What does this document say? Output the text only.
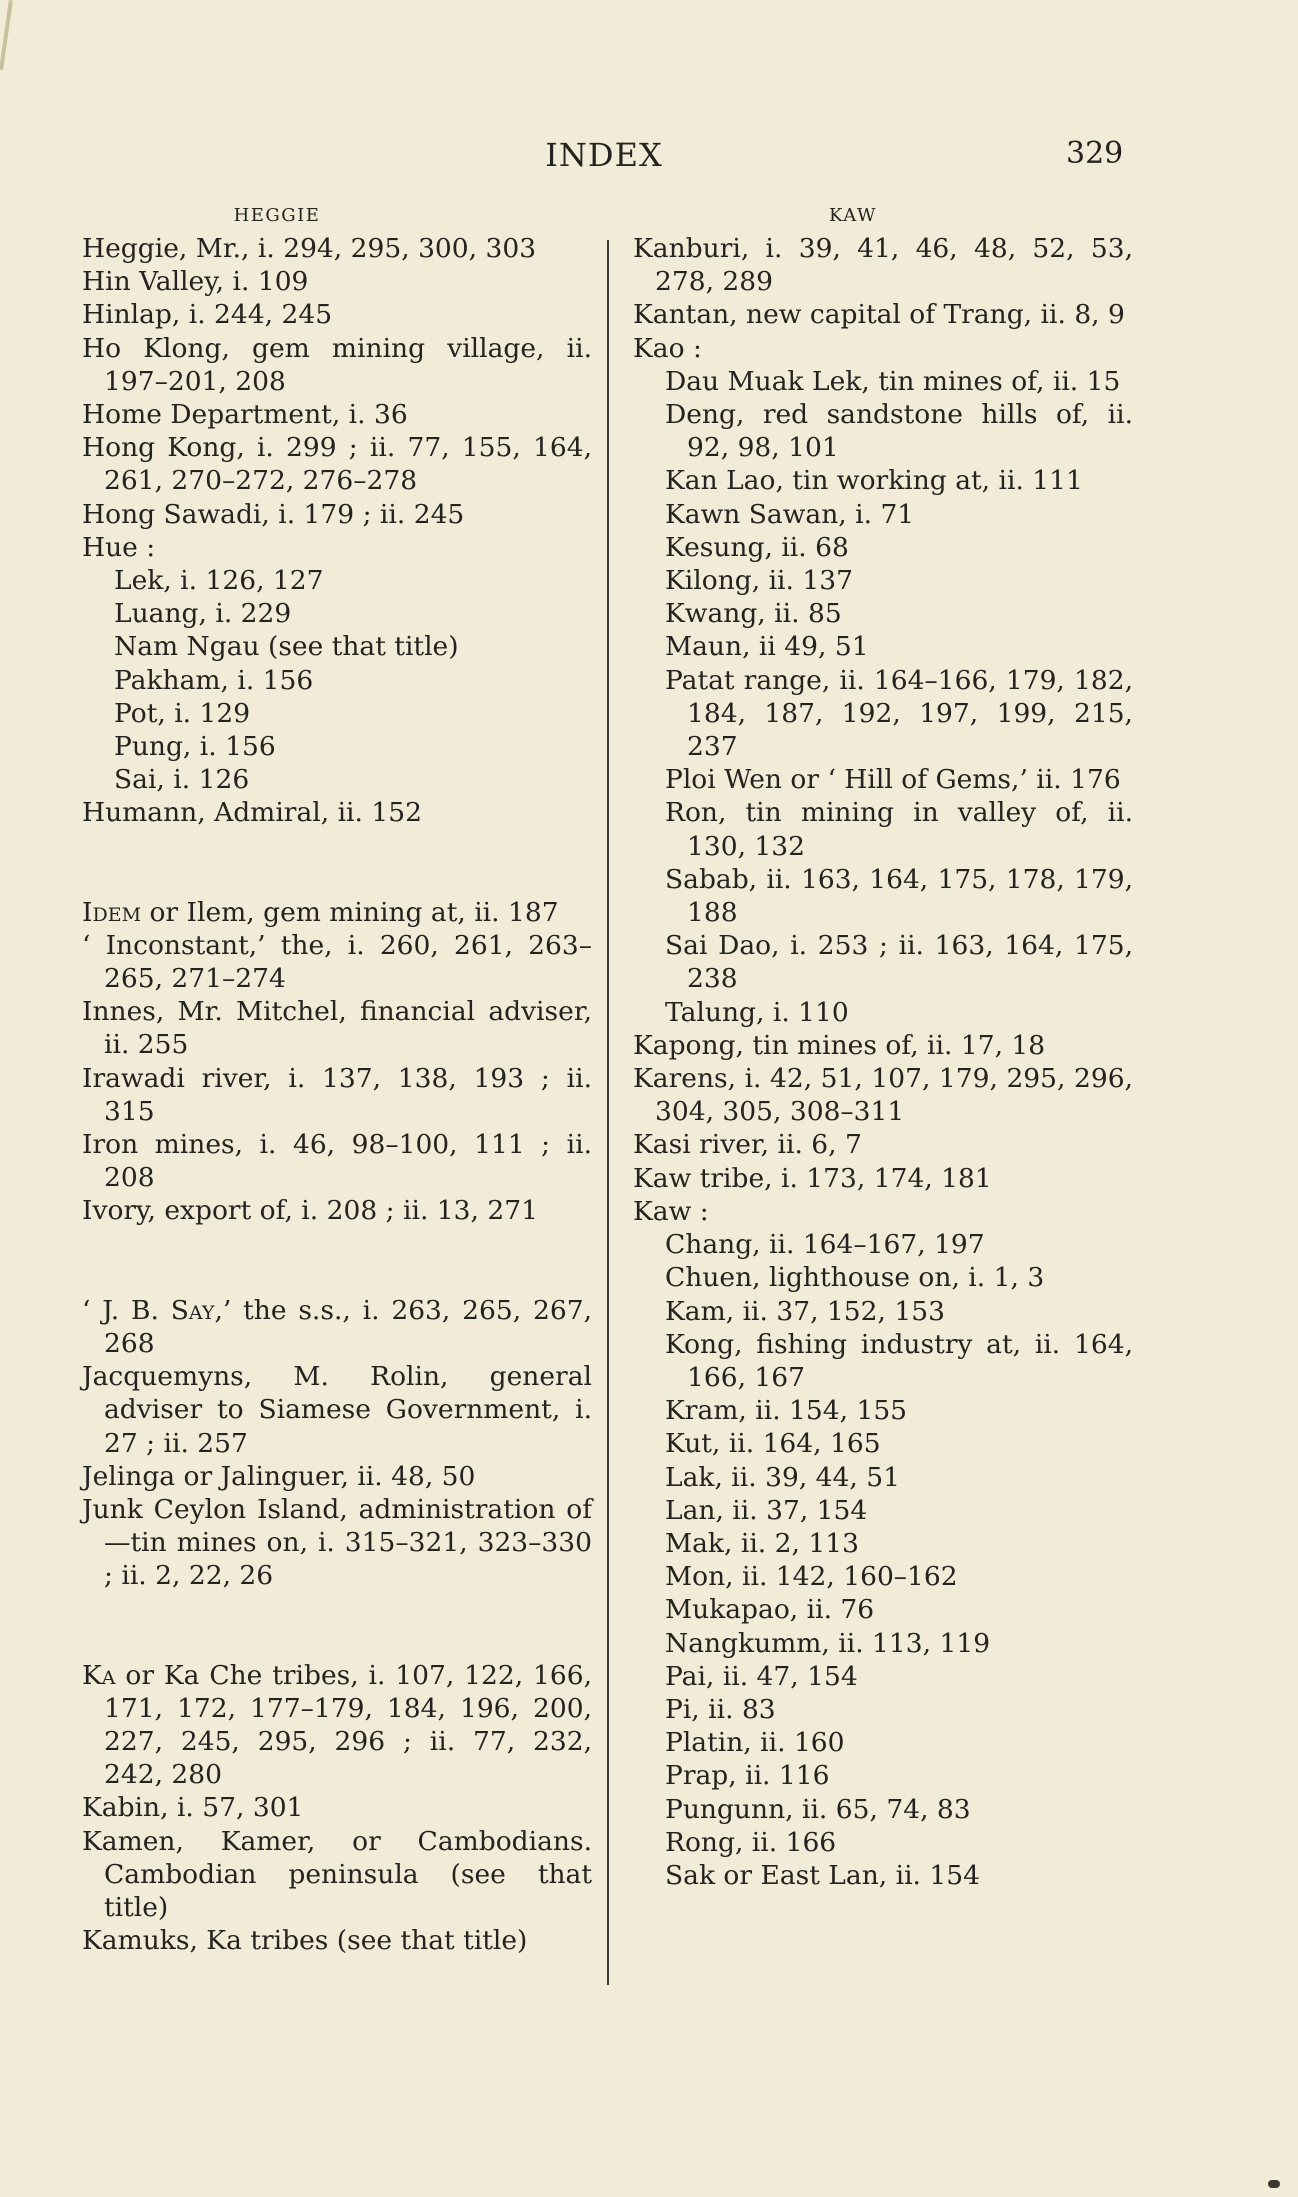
INDEX	329
HEGGIE
Heggie, Mr., i. 294, 295, 300, 303
Hin Valley, i. 109
Hinlap, i. 244, 245
Ho Klong, gem mining village, ii. 197–201, 208
Home Department, i. 36
Hong Kong, i. 299 ; ii. 77, 155, 164, 261, 270–272, 276–278
Hong Sawadi, i. 179 ; ii. 245
Hue :
Lek, i. 126, 127
Luang, i. 229
Nam Ngau (see that title)
Pakham, i. 156
Pot, i. 129
Pung, i. 156
Sai, i. 126
Humann, Admiral, ii. 152
Idem or Ilem, gem mining at, ii. 187
‘ Inconstant,’ the, i. 260, 261, 263–265, 271–274
Innes, Mr. Mitchel, financial adviser, ii. 255
Irawadi river, i. 137, 138, 193 ; ii. 315
Iron mines, i. 46, 98–100, 111 ; ii. 208
Ivory, export of, i. 208 ; ii. 13, 271
‘ J. B. Say,’ the s.s., i. 263, 265, 267, 268
Jacquemyns, M. Rolin, general adviser to Siamese Government, i. 27 ; ii. 257
Jelinga or Jalinguer, ii. 48, 50
Junk Ceylon Island, administration of—tin mines on, i. 315–321, 323–330 ; ii. 2, 22, 26
Ka or Ka Che tribes, i. 107, 122, 166, 171, 172, 177–179, 184, 196, 200, 227, 245, 295, 296 ; ii. 77, 232, 242, 280
Kabin, i. 57, 301
Kamen, Kamer, or Cambodians. Cambodian peninsula (see that title)
Kamuks, Ka tribes (see that title)
KAW
Kanburi, i. 39, 41, 46, 48, 52, 53, 278, 289
Kantan, new capital of Trang, ii. 8, 9
Kao :
Dau Muak Lek, tin mines of, ii. 15
Deng, red sandstone hills of, ii. 92, 98, 101
Kan Lao, tin working at, ii. 111
Kawn Sawan, i. 71
Kesung, ii. 68
Kilong, ii. 137
Kwang, ii. 85
Maun, ii 49, 51
Patat range, ii. 164–166, 179, 182, 184, 187, 192, 197, 199, 215, 237
Ploi Wen or ‘ Hill of Gems,’ ii. 176
Ron, tin mining in valley of, ii. 130, 132
Sabab, ii. 163, 164, 175, 178, 179, 188
Sai Dao, i. 253 ; ii. 163, 164, 175, 238
Talung, i. 110
Kapong, tin mines of, ii. 17, 18
Karens, i. 42, 51, 107, 179, 295, 296, 304, 305, 308–311
Kasi river, ii. 6, 7
Kaw tribe, i. 173, 174, 181
Kaw :
Chang, ii. 164–167, 197
Chuen, lighthouse on, i. 1, 3
Kam, ii. 37, 152, 153
Kong, fishing industry at, ii. 164, 166, 167
Kram, ii. 154, 155
Kut, ii. 164, 165
Lak, ii. 39, 44, 51
Lan, ii. 37, 154
Mak, ii. 2, 113
Mon, ii. 142, 160–162
Mukapao, ii. 76
Nangkumm, ii. 113, 119
Pai, ii. 47, 154
Pi, ii. 83
Platin, ii. 160
Prap, ii. 116
Pungunn, ii. 65, 74, 83
Rong, ii. 166
Sak or East Lan, ii. 154
